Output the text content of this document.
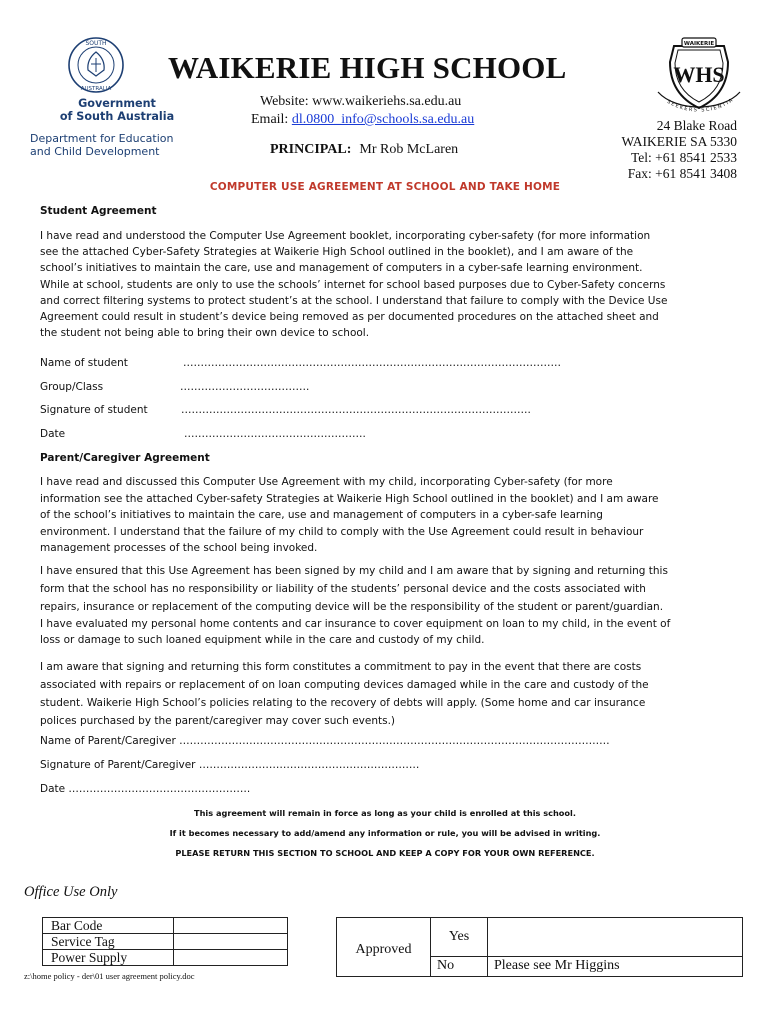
SOUTH
AUSTRALIA
Government
of South Australia
Department for Education
and Child Development
WAIKERIE HIGH SCHOOL
Website: www.waikeriehs.sa.edu.au
Email: dl.0800_info@schools.sa.edu.au
PRINCIPAL: Mr Rob McLaren
WAIKERIE
WHS
SEEKERS SCIENTIA
24 Blake Road
WAIKERIE SA 5330
Tel: +61 8541 2533
Fax: +61 8541 3408
COMPUTER USE AGREEMENT AT SCHOOL AND TAKE HOME
Student Agreement
I have read and understood the Computer Use Agreement booklet, incorporating cyber-safety (for more information
see the attached Cyber-Safety Strategies at Waikerie High School outlined in the booklet), and I am aware of the
school’s initiatives to maintain the care, use and management of computers in a cyber-safe learning environment.
While at school, students are only to use the schools’ internet for school based purposes due to Cyber-Safety concerns
and correct filtering systems to protect student’s at the school. I understand that failure to comply with the Device Use
Agreement could result in student’s device being removed as per documented procedures on the attached sheet and
the student not being able to bring their own device to school.
Name of student	………………………………………………………………………………………………
Group/Class	……………………………….
Signature of student	……………………………………………………………………………………….
Date	…………………………………………….
Parent/Caregiver Agreement
I have read and discussed this Computer Use Agreement with my child, incorporating Cyber-safety (for more
information see the attached Cyber-safety Strategies at Waikerie High School outlined in the booklet) and I am aware
of the school’s initiatives to maintain the care, use and management of computers in a cyber-safe learning
environment. I understand that the failure of my child to comply with the Use Agreement could result in behaviour
management processes of the school being invoked.
I have ensured that this Use Agreement has been signed by my child and I am aware that by signing and returning this
form that the school has no responsibility or liability of the students’ personal device and the costs associated with
repairs, insurance or replacement of the computing device will be the responsibility of the student or parent/guardian.
I have evaluated my personal home contents and car insurance to cover equipment on loan to my child, in the event of
loss or damage to such loaned equipment while in the care and custody of my child.
I am aware that signing and returning this form constitutes a commitment to pay in the event that there are costs
associated with repairs or replacement of on loan computing devices damaged while in the care and custody of the
student. Waikerie High School’s policies relating to the recovery of debts will apply. (Some home and car insurance
polices purchased by the parent/caregiver may cover such events.)
Name of Parent/Caregiver ……………………………………………………………………………………………………………
Signature of Parent/Caregiver ………………………………………………………
Date …………………………………………….
This agreement will remain in force as long as your child is enrolled at this school.
If it becomes necessary to add/amend any information or rule, you will be advised in writing.
PLEASE RETURN THIS SECTION TO SCHOOL AND KEEP A COPY FOR YOUR OWN REFERENCE.
Office Use Only
Bar Code	
Service Tag	
Power Supply	
Approved	Yes	
	No	Please see Mr Higgins
z:\home policy - der\01 user agreement policy.doc
